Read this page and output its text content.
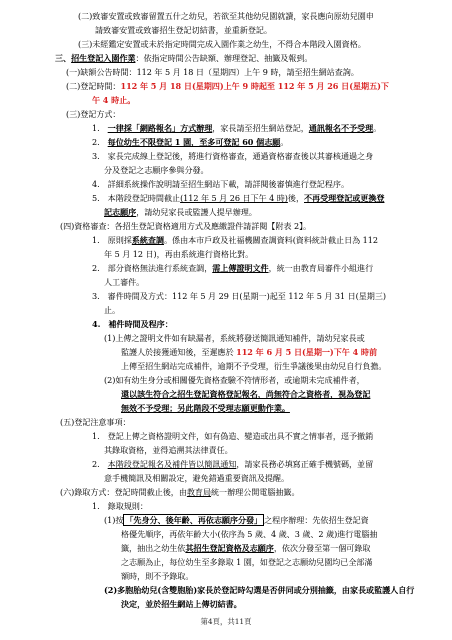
(二)致審安置或致審留置五什之幼兒，若欲至其他幼兒園就讀，家長應向原幼兒園申
請致審安置或致審招生登記切結書，並重新登記。
(三)未經鑑定安置或未於指定時間完成入園作業之幼生，不得合本階段入園資格。
三、招生登記入園作業：依指定時間公告缺額、辦理登記、抽籤及報到。
(一)缺額公告時間：112 年 5 月 18 日（星期四）上午 9 時，請至招生網站查詢。
(二)登記時間：112 年 5 月 18 日(星期四)上午 9 時起至 112 年 5 月 26 日(星期五)下
午 4 時止。
(三)登記方式：
1.　一律採「網路報名」方式辦理，家長請至招生網站登記，通訊報名不予受理。
2.　每位幼生不限登記 1 園，至多可登記 60 個志願。
3.　家長完成線上登記後，將進行資格審查，通過資格審查後以其審核通過之身
分及登記之志願序參與分發。
4.　詳細系統操作說明請至招生網站下載，請詳閱後審慎進行登記程序。
5.　本階段登記時間截止(112 年 5 月 26 日下午 4 時)後，不再受理登記或更換登
記志願序，請幼兒家長或監護人提早辦理。
(四)資格審查：各招生登記資格適用方式及應繳證件請詳閱【附表 2】。
1.　原則採系統查調。係由本市戶政及社福機關查調資料(資料統計截止日為 112
年 5 月 12 日)，再由系統進行資格比對。
2.　部分資格無法進行系統查調，需上傳證明文件，統一由教育局審件小組進行
人工審件。
3.　審件時間及方式：112 年 5 月 29 日(星期一)起至 112 年 5 月 31 日(星期三)
止。
4.　補件時間及程序：
(1)上傳之證明文件如有缺漏者，系統將發送簡訊通知補件，請幼兒家長或
監護人於接獲通知後，至遲應於 112 年 6 月 5 日(星期一)下午 4 時前
上傳至招生網站完成補件，逾期不予受理，衍生爭議後果由幼兒自行負擔。
(2)如有幼生身分或相關優先資格查驗不符情形者，或逾期未完成補件者，
還以該生符合之招生登記資格登記報名，尚無符合之資格者，視為登記
無效不予受理；另此階段不受理志願更動作業。
(五)登記注意事項：
1.　登記上傳之資格證明文件，如有偽造、變造或出具不實之情事者，逕予撤銷
其錄取資格，並得追溯其法律責任。
2.　本階段登記報名及補件皆以簡訊通知，請家長務必填寫正確手機號碼，並留
意手機簡訊及相關設定，避免錯過重要資訊及提醒。
(六)錄取方式：登記時間截止後，由教育局統一辦理公開電腦抽籤。
1.　錄取規則：
(1)按 「先身分、後年齡、再依志願序分發」 之程序辦理：先依招生登記資
格優先順序，再依年齡大小(依序為 5 歲、4 歲、3 歲、2 歲)進行電腦抽
籤，抽出之幼生依其招生登記資格及志願序，依次分發至第一個可錄取
之志願為止，每位幼生至多錄取 1 園，如登記之志願幼兒園均已全部滿
額時，則不予錄取。
(2)多胞胎幼兒(含雙胞胎)家長於登記時勾選是否併同或分別抽籤，由家長或監護人自行
決定，並於招生網站上傳切結書。
第4頁，共11頁
